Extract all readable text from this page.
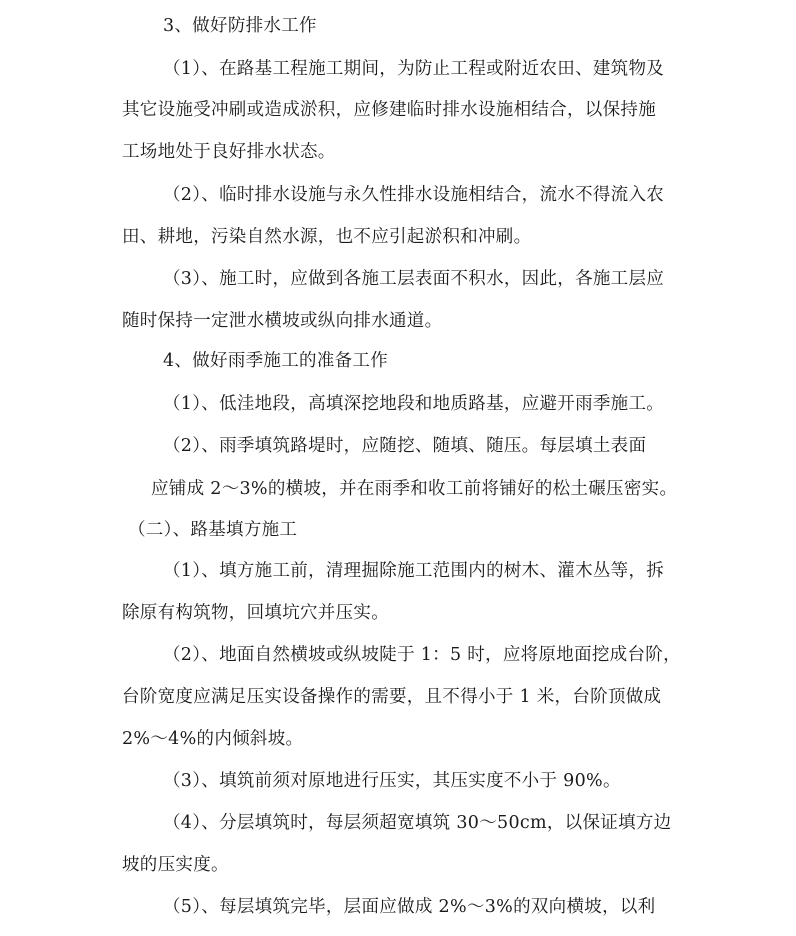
3、做好防排水工作
（1）、在路基工程施工期间，为防止工程或附近农田、建筑物及
其它设施受冲刷或造成淤积，应修建临时排水设施相结合，以保持施
工场地处于良好排水状态。
（2）、临时排水设施与永久性排水设施相结合，流水不得流入农
田、耕地，污染自然水源，也不应引起淤积和冲刷。
（3）、施工时，应做到各施工层表面不积水，因此，各施工层应
随时保持一定泄水横坡或纵向排水通道。
4、做好雨季施工的准备工作
（1）、低洼地段，高填深挖地段和地质路基，应避开雨季施工。
（2）、雨季填筑路堤时，应随挖、随填、随压。每层填土表面
应铺成 2～3%的横坡，并在雨季和收工前将铺好的松土碾压密实。
（二）、路基填方施工
（1）、填方施工前，清理掘除施工范围内的树木、灌木丛等，拆
除原有构筑物，回填坑穴并压实。
（2）、地面自然横坡或纵坡陡于 1：5 时，应将原地面挖成台阶，
台阶宽度应满足压实设备操作的需要，且不得小于 1 米，台阶顶做成
2%～4%的内倾斜坡。
（3）、填筑前须对原地进行压实，其压实度不小于 90%。
（4）、分层填筑时，每层须超宽填筑 30～50cm，以保证填方边
坡的压实度。
（5）、每层填筑完毕，层面应做成 2%～3%的双向横坡，以利
